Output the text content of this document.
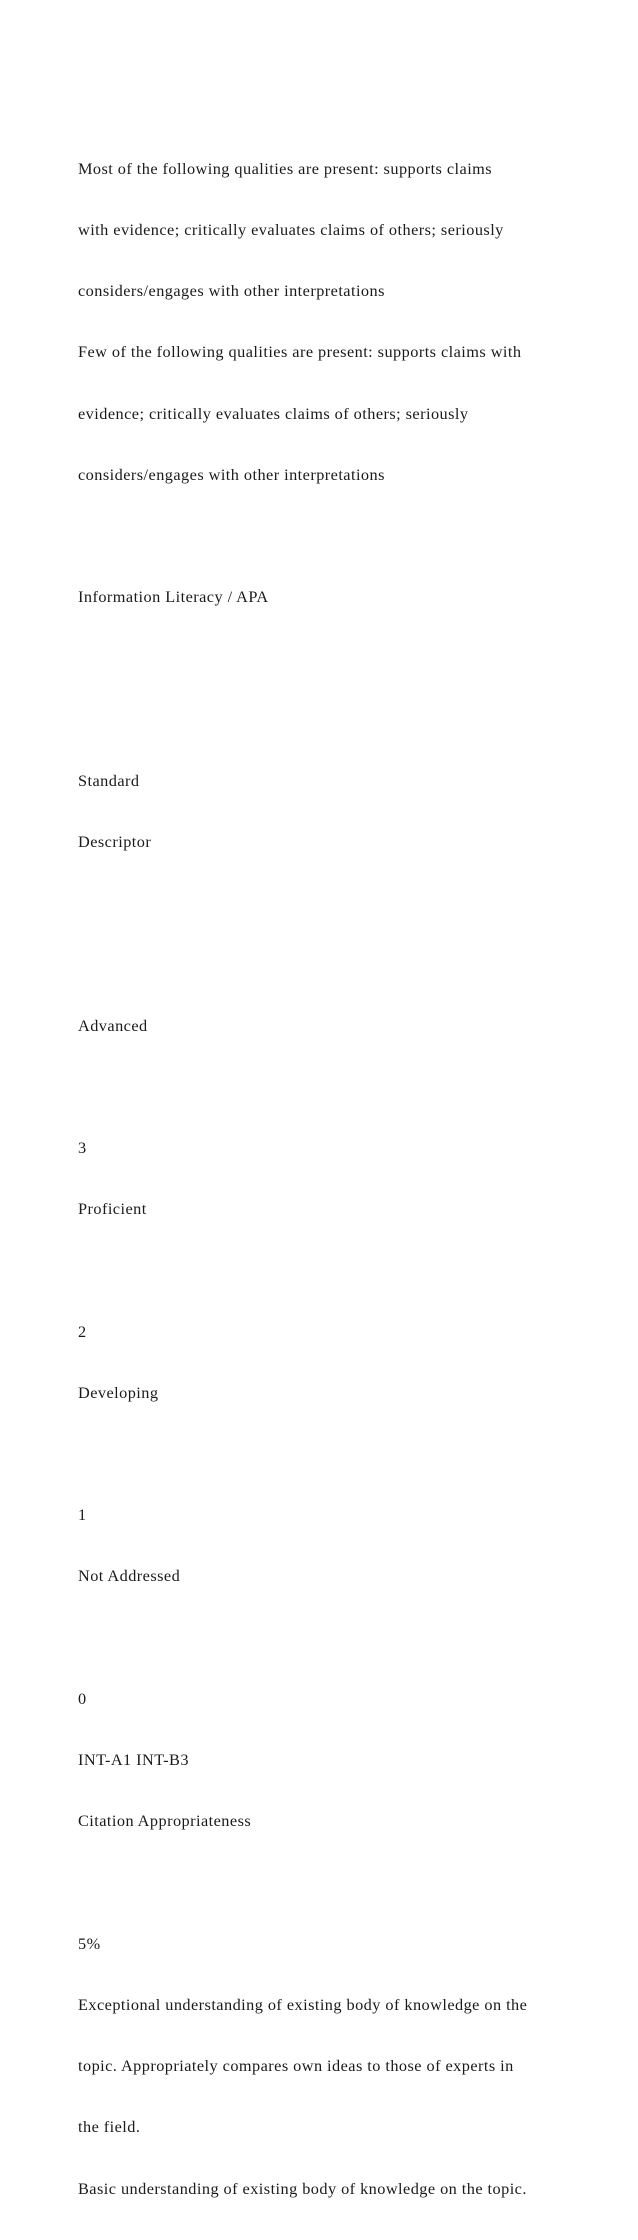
Most of the following qualities are present: supports claims

with evidence; critically evaluates claims of others; seriously

considers/engages with other interpretations

Few of the following qualities are present: supports claims with

evidence; critically evaluates claims of others; seriously

considers/engages with other interpretations

Information Literacy / APA

Standard

Descriptor

Advanced

3

Proficient

2

Developing

1

Not Addressed

0

INT-A1 INT-B3

Citation Appropriateness

5%

Exceptional understanding of existing body of knowledge on the

topic. Appropriately compares own ideas to those of experts in

the field.

Basic understanding of existing body of knowledge on the topic.
